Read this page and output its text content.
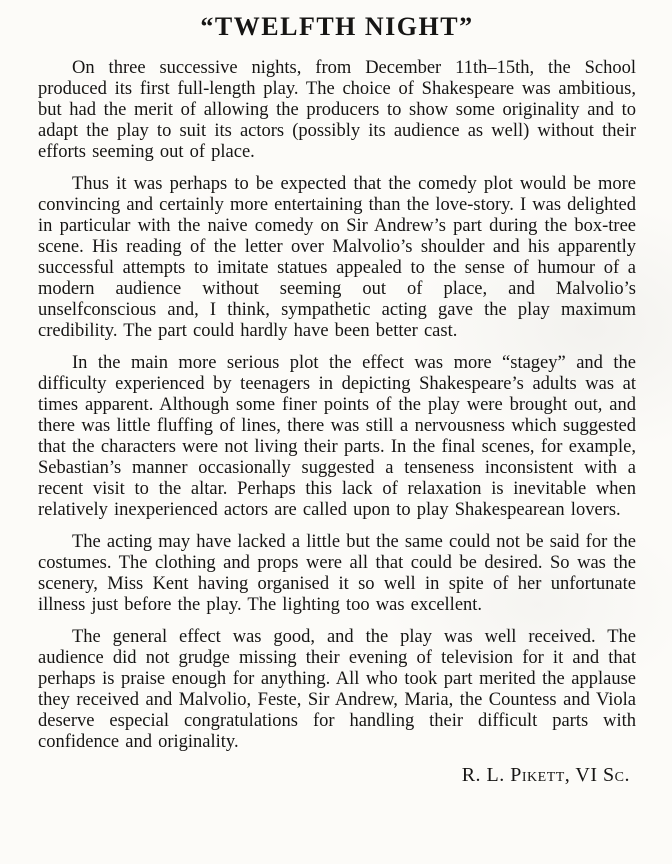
“TWELFTH NIGHT”

On three successive nights, from December 11th–15th, the School produced its first full-length play. The choice of Shakespeare was ambitious, but had the merit of allowing the producers to show some originality and to adapt the play to suit its actors (possibly its audience as well) without their efforts seeming out of place.

Thus it was perhaps to be expected that the comedy plot would be more convincing and certainly more entertaining than the love-story. I was delighted in particular with the naive comedy on Sir Andrew’s part during the box-tree scene. His reading of the letter over Malvolio’s shoulder and his apparently successful attempts to imitate statues appealed to the sense of humour of a modern audience without seeming out of place, and Malvolio’s unselfconscious and, I think, sympathetic acting gave the play maximum credibility. The part could hardly have been better cast.

In the main more serious plot the effect was more “stagey” and the difficulty experienced by teenagers in depicting Shakespeare’s adults was at times apparent. Although some finer points of the play were brought out, and there was little fluffing of lines, there was still a nervousness which suggested that the characters were not living their parts. In the final scenes, for example, Sebastian’s manner occasionally suggested a tenseness inconsistent with a recent visit to the altar. Perhaps this lack of relaxation is inevitable when relatively inexperienced actors are called upon to play Shakespearean lovers.

The acting may have lacked a little but the same could not be said for the costumes. The clothing and props were all that could be desired. So was the scenery, Miss Kent having organised it so well in spite of her unfortunate illness just before the play. The lighting too was excellent.

The general effect was good, and the play was well received. The audience did not grudge missing their evening of television for it and that perhaps is praise enough for anything. All who took part merited the applause they received and Malvolio, Feste, Sir Andrew, Maria, the Countess and Viola deserve especial congratulations for handling their difficult parts with confidence and originality.

R. L. Pikett, VI Sc.
